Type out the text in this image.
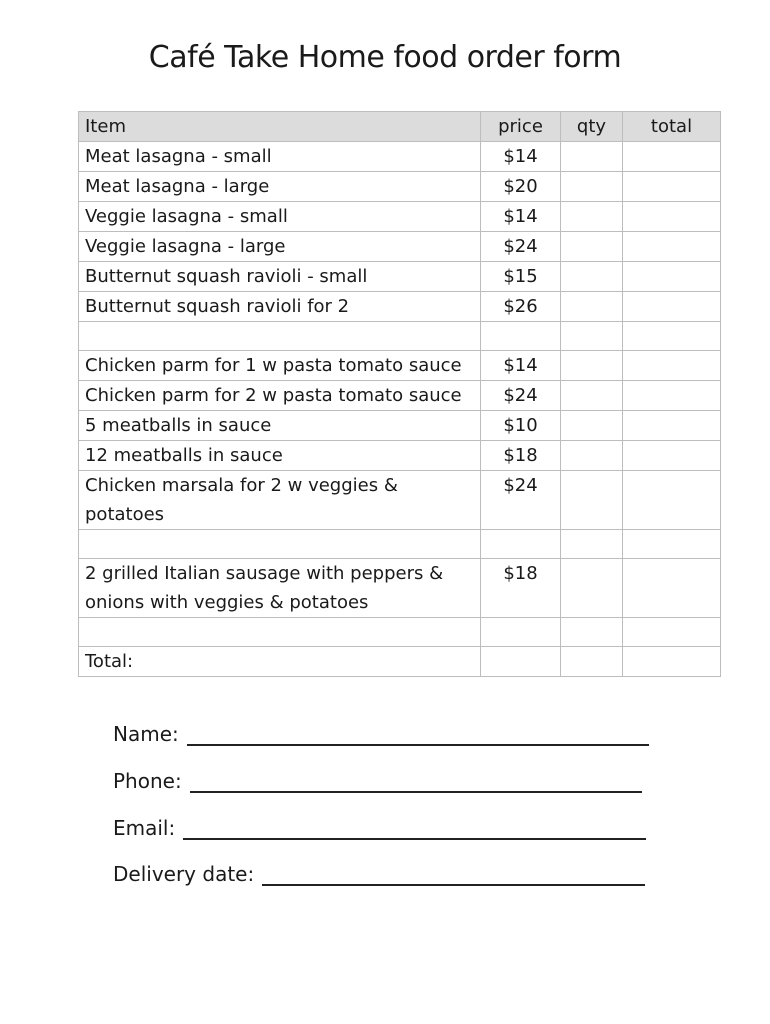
Café Take Home food order form
Item	price	qty	total
Meat lasagna - small	$14		
Meat lasagna - large	$20		
Veggie lasagna - small	$14		
Veggie lasagna - large	$24		
Butternut squash ravioli - small	$15		
Butternut squash ravioli for 2	$26		

Chicken parm for 1 w pasta tomato sauce	$14		
Chicken parm for 2 w pasta tomato sauce	$24		
5 meatballs in sauce	$10		
12 meatballs in sauce	$18		
Chicken marsala for 2 w veggies & potatoes	$24		

2 grilled Italian sausage with peppers & onions with veggies & potatoes	$18		

Total:			
Name:
Phone:
Email:
Delivery date:
